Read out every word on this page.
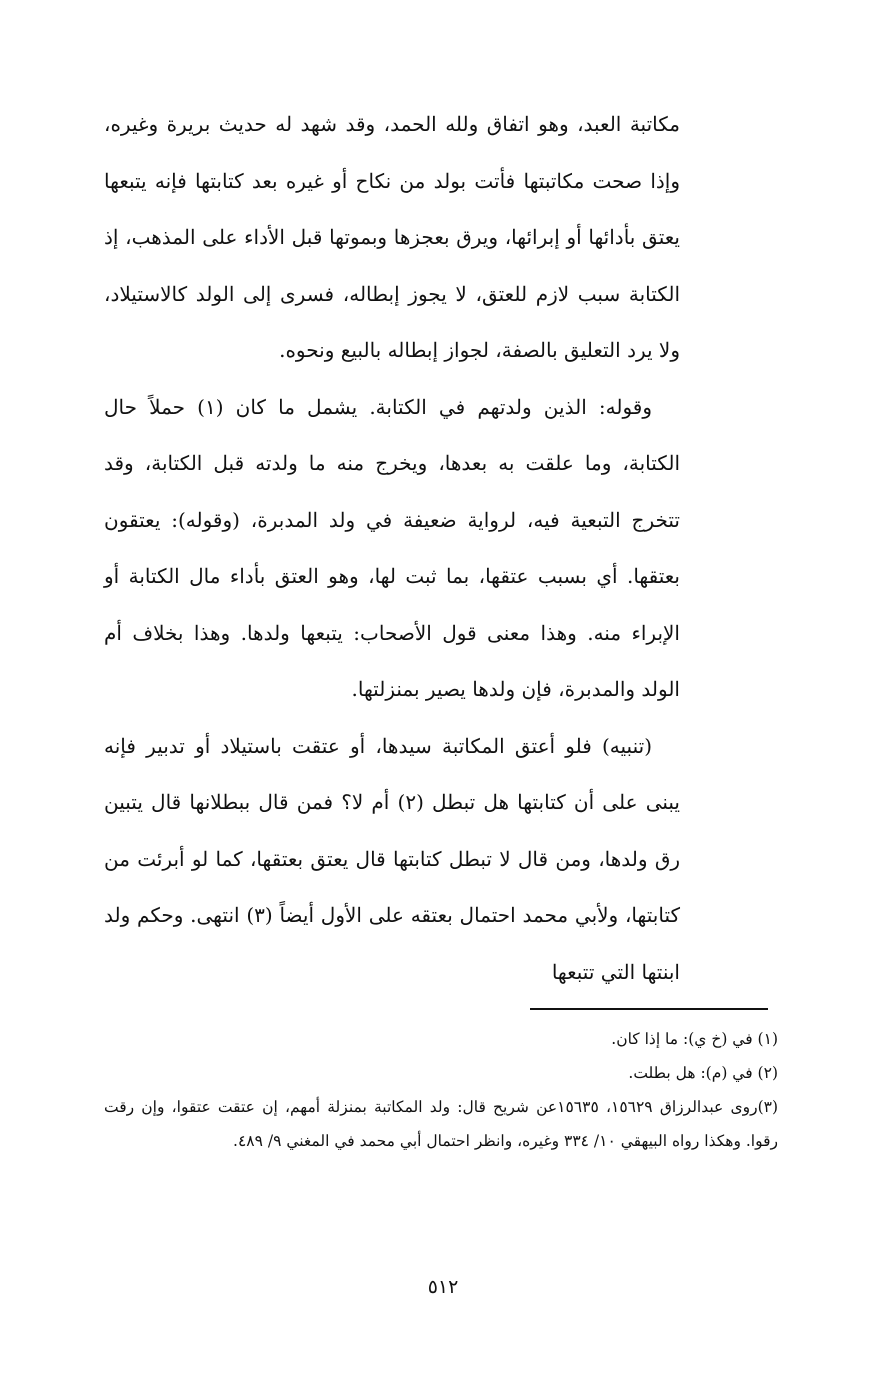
مكاتبة العبد، وهو اتفاق ولله الحمد، وقد شهد له حديث بريرة وغيره، وإذا صحت مكاتبتها فأتت بولد من نكاح أو غيره بعد كتابتها فإنه يتبعها يعتق بأدائها أو إبرائها، ويرق بعجزها وبموتها قبل الأداء على المذهب، إذ الكتابة سبب لازم للعتق، لا يجوز إبطاله، فسرى إلى الولد كالاستيلاد، ولا يرد التعليق بالصفة، لجواز إبطاله بالبيع ونحوه.

وقوله: الذين ولدتهم في الكتابة. يشمل ما كان (١) حملاً حال الكتابة، وما علقت به بعدها، ويخرج منه ما ولدته قبل الكتابة، وقد تتخرج التبعية فيه، لرواية ضعيفة في ولد المدبرة، (وقوله): يعتقون بعتقها. أي بسبب عتقها، بما ثبت لها، وهو العتق بأداء مال الكتابة أو الإبراء منه. وهذا معنى قول الأصحاب: يتبعها ولدها. وهذا بخلاف أم الولد والمدبرة، فإن ولدها يصير بمنزلتها.

(تنبيه) فلو أعتق المكاتبة سيدها، أو عتقت باستيلاد أو تدبير فإنه يبنى على أن كتابتها هل تبطل (٢) أم لا؟ فمن قال ببطلانها قال يتبين رق ولدها، ومن قال لا تبطل كتابتها قال يعتق بعتقها، كما لو أبرئت من كتابتها، ولأبي محمد احتمال بعتقه على الأول أيضاً (٣) انتهى. وحكم ولد ابنتها التي تتبعها

(١) في (خ ي): ما إذا كان.

(٢) في (م): هل بطلت.

(٣)روى عبدالرزاق ١٥٦٢٩، ١٥٦٣٥عن شريح قال: ولد المكاتبة بمنزلة أمهم، إن عتقت عتقوا، وإن رقت رقوا. وهكذا رواه البيهقي ١٠/ ٣٣٤ وغيره، وانظر احتمال أبي محمد في المغني ٩/ ٤٨٩.

٥١٢
